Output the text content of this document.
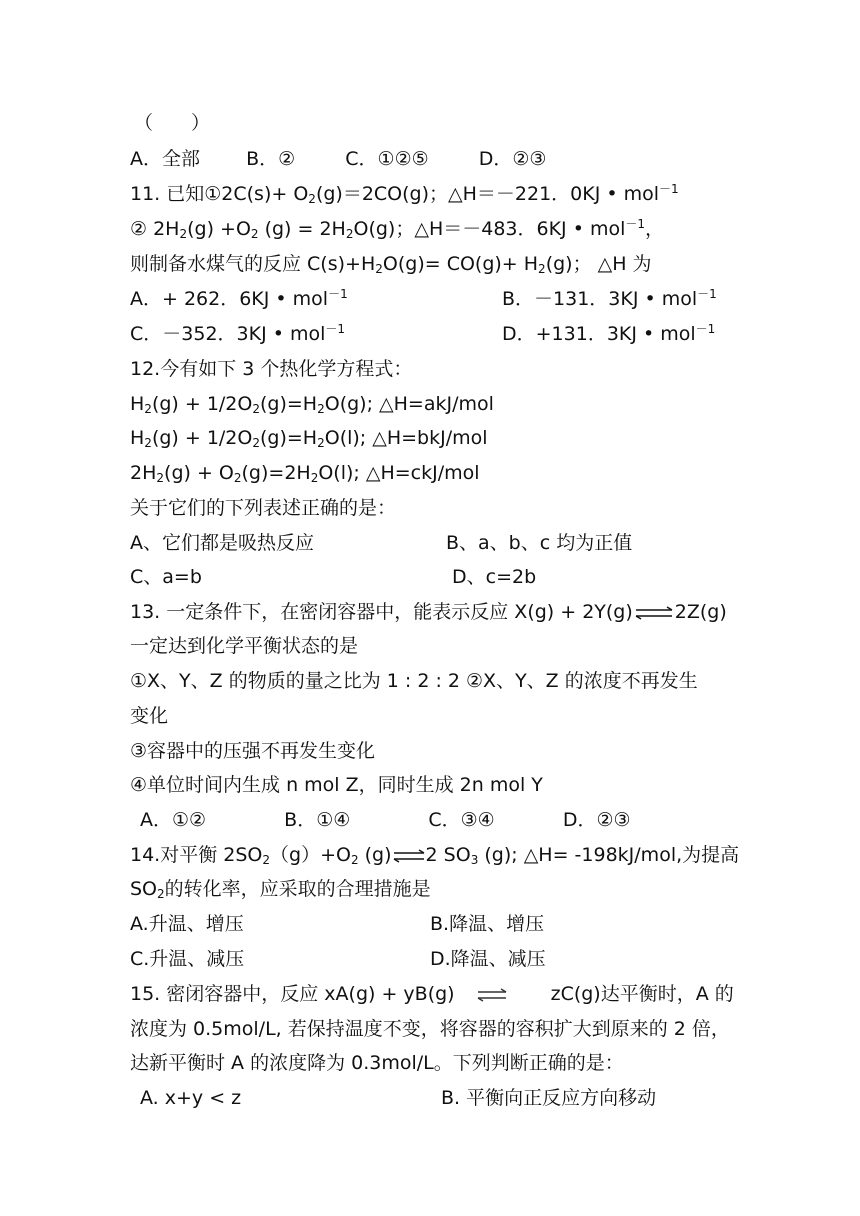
（　　）
A．全部 B．②	C．①②⑤	D．②③
11. 已知①2C(s)+ $O_2(g)=2CO(g)$；△H＝－221．0KJ • mol$^{-1}$
② $2H_2(g) +O_2$ $(g) = 2H_2O(g)$；△H＝－483．6KJ • mol$^{-1}$，
则制备水煤气的反应 $C(s)+H_2O(g)= CO(g)+ H_2(g)$； △H 为
A．+ 262．6KJ • mol$^{-1}$	B．－131．3KJ • mol$^{-1}$
C．－352．3KJ • mol$^{-1}$	D．+131．3KJ • mol$^{-1}$
12.今有如下 3 个热化学方程式：
$H_2(g) + 1/2O_2(g)=H_2O(g)$; △H=akJ/mol
$H_2(g) + 1/2O_2(g)=H_2O(l)$; △H=bkJ/mol
$2H_2(g) + O_2(g)=2H_2O(l)$; △H=ckJ/mol
关于它们的下列表述正确的是：
A、它们都是吸热反应	B、a、b、c 均为正值
C、a=b	D、c=2b
13. 一定条件下，在密闭容器中，能表示反应 X(g) + 2Y(g)⇌2Z(g)
一定达到化学平衡状态的是
①X、Y、Z 的物质的量之比为 1 : 2 : 2 ②X、Y、Z 的浓度不再发生
变化
③容器中的压强不再发生变化
④单位时间内生成 n mol Z，同时生成 2n mol Y
A．①②	B．①④	C．③④	D．②③
14.对平衡 $2SO_2(g)+O_2$ (g)⇌2 $SO_3$ (g); △H= -198kJ/mol,为提高
$SO_2$的转化率，应采取的合理措施是
A.升温、增压	B.降温、增压
C.升温、减压	D.降温、减压
15. 密闭容器中，反应 xA(g) + yB(g)	zC(g)达平衡时，A 的
浓度为 0.5mol/L, 若保持温度不变，将容器的容积扩大到原来的 2 倍，
达新平衡时 A 的浓度降为 0.3mol/L。下列判断正确的是：
A. x+y < z	B. 平衡向正反应方向移动
